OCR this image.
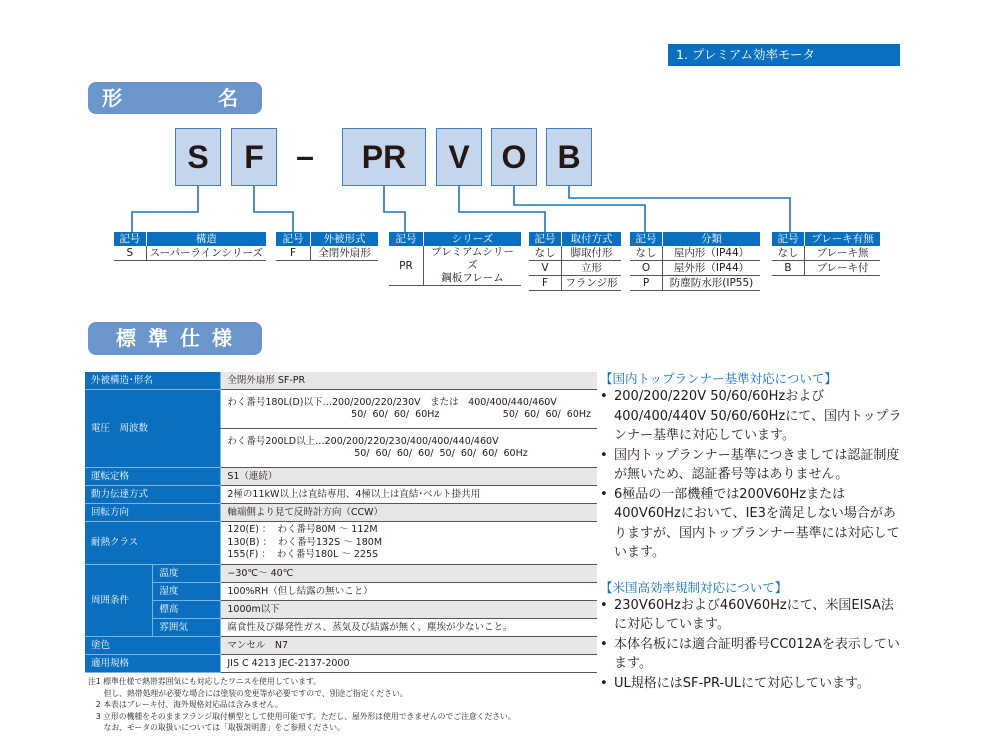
1. プレミアム効率モータ
形	名
S	F	–	PR	V O B
記号	構造
S	スーパーラインシリーズ
記号	外被形式
F	全閉外扇形
記号	シリーズ
PR	プレミアムシリーズ
鋼板フレーム
記号	取付方式
なし	脚取付形
V	立形
F	フランジ形
記号	分類
なし	屋内形（IP44）
O	屋外形（IP44）
P	防塵防水形(IP55)
記号	ブレーキ有無
なし	ブレーキ無
B	ブレーキ付
標準仕様
外被構造･形名		全閉外扇形 SF-PR
電圧　周波数		わく番号180L(D)以下…200/200/220/230V　または　400/400/440/460V
50/  60/  60/  60Hz                     50/  60/  60/  60Hz

		わく番号200LD以上…200/200/220/230/400/400/440/460V
50/  60/  60/  60/  50/  60/  60/  60Hz

運転定格		S1（連続）
動力伝達方式		2極の11kW以上は直結専用、4極以上は直結･ベルト掛共用
回転方向		軸端側より見て反時計方向（CCW）
耐熱クラス		120(E) ：  わく番号80M ～ 112M
130(B) ：  わく番号132S ～ 180M
155(F) ：  わく番号180L ～ 225S

周囲条件	温度	−30℃～ 40℃
	湿度	100%RH（但し結露の無いこと）
	標高	1000m以下
	雰囲気	腐食性及び爆発性ガス、蒸気及び結露が無く、塵埃が少ないこと。
塗色		マンセル　N7
適用規格		JIS C 4213 JEC-2137-2000
【国内トップランナー基準対応について】
• 200/200/220V 50/60/60Hzおよび400/400/440V 50/60/60Hzにて、国内トップランナー基準に対応しています。
• 国内トップランナー基準につきましては認証制度が無いため、認証番号等はありません。
• 6極品の一部機種では200V60Hzまたは400V60Hzにおいて、IE3を満足しない場合がありますが、国内トップランナー基準には対応しています。
【米国高効率規制対応について】
• 230V60Hzおよび460V60Hzにて、米国EISA法に対応しています。
• 本体名板には適合証明番号CC012Aを表示しています。
• UL規格にはSF-PR-ULにて対応しています。
注1 標準仕様で熱帯雰囲気にも対応したワニスを使用しています。
　　但し、熱帯処理が必要な場合には塗装の変更等が必要ですので、別途ご指定ください。
　2 本表はブレーキ付、海外規格対応品は含みません。
　3 立形の機種をそのままフランジ取付横型として使用可能です。ただし、屋外形は使用できませんのでご注意ください。
　　なお、モータの取扱いについては「取扱説明書」をご参照ください。
